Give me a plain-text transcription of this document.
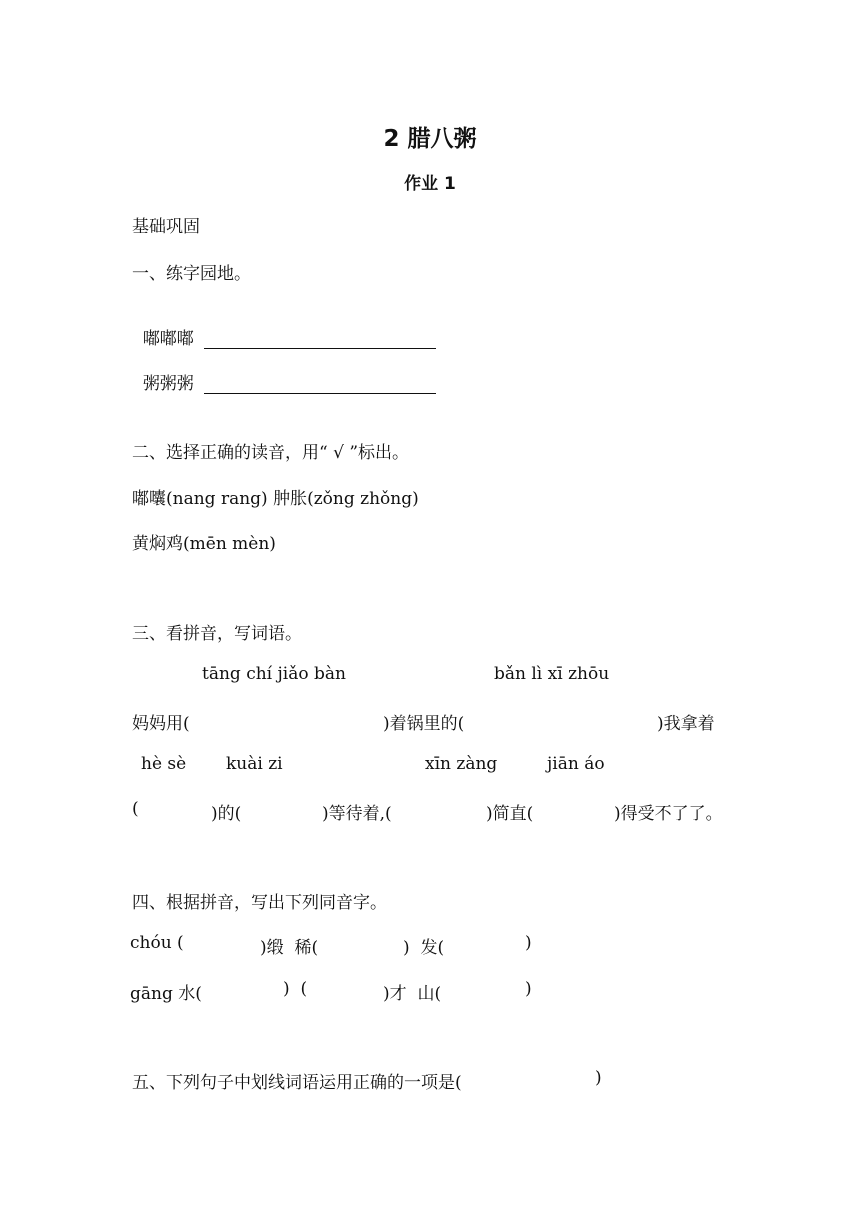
2 腊八粥
作业 1
基础巩固
一、练字园地。

嘟嘟嘟

粥粥粥

二、选择正确的读音，用“ √ ”标出。
嘟囔(nang rang) 肿胀(zǒng zhǒng)
黄焖鸡(mēn mèn)
三、看拼音，写词语。
tāng chí jiǎo bàn	bǎn lì xī zhōu
妈妈用(	)着锅里的(	)我拿着
hè sè kuài zi	xīn zàng	jiān áo
(	)的(	)等待着,(	)简直(	)得受不了了。
四、根据拼音，写出下列同音字。
chóu (	)缎  稀(	)  发(	)
gāng 水(	)  (	)才  山(	)
五、下列句子中划线词语运用正确的一项是(	)
